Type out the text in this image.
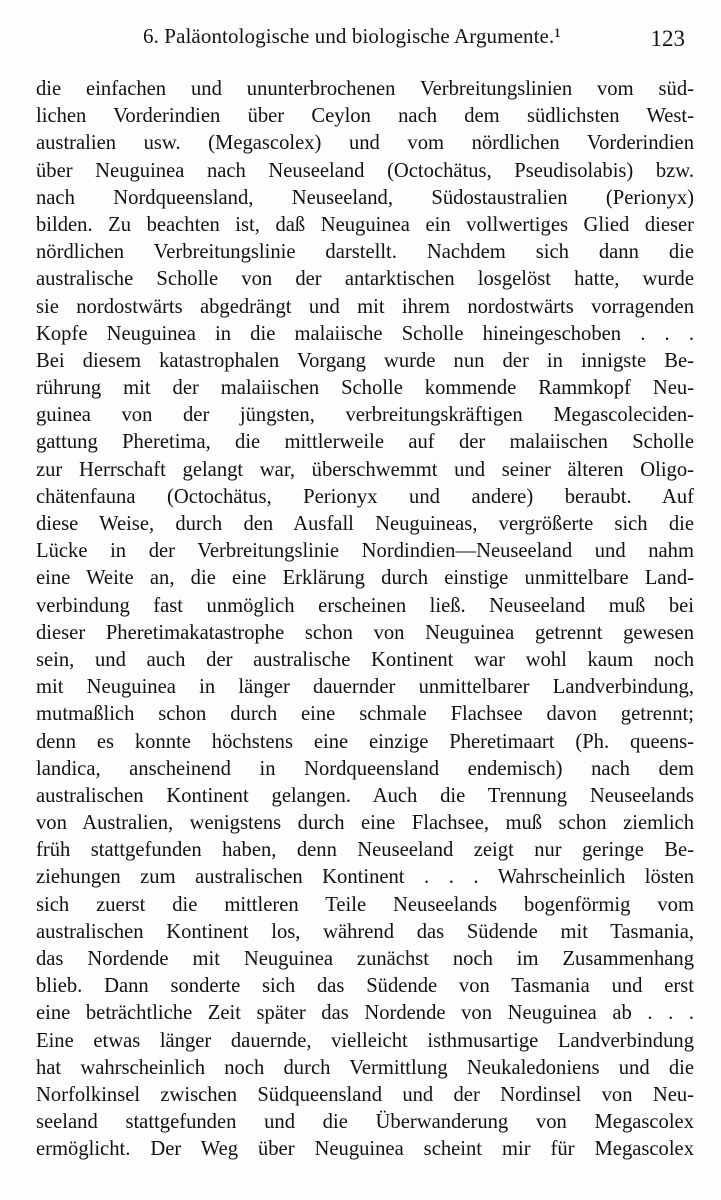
6. Paläontologische und biologische Argumente.¹	123
die einfachen und ununterbrochenen Verbreitungslinien vom süd-
lichen Vorderindien über Ceylon nach dem südlichsten West-
australien usw. (Megascolex) und vom nördlichen Vorderindien
über Neuguinea nach Neuseeland (Octochätus, Pseudisolabis) bzw.
nach Nordqueensland, Neuseeland, Südostaustralien (Perionyx)
bilden. Zu beachten ist, daß Neuguinea ein vollwertiges Glied dieser
nördlichen Verbreitungslinie darstellt. Nachdem sich dann die
australische Scholle von der antarktischen losgelöst hatte, wurde
sie nordostwärts abgedrängt und mit ihrem nordostwärts vorragenden
Kopfe Neuguinea in die malaiische Scholle hineingeschoben . . .
Bei diesem katastrophalen Vorgang wurde nun der in innigste Be-
rührung mit der malaiischen Scholle kommende Rammkopf Neu-
guinea von der jüngsten, verbreitungskräftigen Megascoleciden-
gattung Pheretima, die mittlerweile auf der malaiischen Scholle
zur Herrschaft gelangt war, überschwemmt und seiner älteren Oligo-
chätenfauna (Octochätus, Perionyx und andere) beraubt. Auf
diese Weise, durch den Ausfall Neuguineas, vergrößerte sich die
Lücke in der Verbreitungslinie Nordindien—Neuseeland und nahm
eine Weite an, die eine Erklärung durch einstige unmittelbare Land-
verbindung fast unmöglich erscheinen ließ. Neuseeland muß bei
dieser Pheretimakatastrophe schon von Neuguinea getrennt gewesen
sein, und auch der australische Kontinent war wohl kaum noch
mit Neuguinea in länger dauernder unmittelbarer Landverbindung,
mutmaßlich schon durch eine schmale Flachsee davon getrennt;
denn es konnte höchstens eine einzige Pheretimaart (Ph. queens-
landica, anscheinend in Nordqueensland endemisch) nach dem
australischen Kontinent gelangen. Auch die Trennung Neuseelands
von Australien, wenigstens durch eine Flachsee, muß schon ziemlich
früh stattgefunden haben, denn Neuseeland zeigt nur geringe Be-
ziehungen zum australischen Kontinent . . . Wahrscheinlich lösten
sich zuerst die mittleren Teile Neuseelands bogenförmig vom
australischen Kontinent los, während das Südende mit Tasmania,
das Nordende mit Neuguinea zunächst noch im Zusammenhang
blieb. Dann sonderte sich das Südende von Tasmania und erst
eine beträchtliche Zeit später das Nordende von Neuguinea ab . . .
Eine etwas länger dauernde, vielleicht isthmusartige Landverbindung
hat wahrscheinlich noch durch Vermittlung Neukaledoniens und die
Norfolkinsel zwischen Südqueensland und der Nordinsel von Neu-
seeland stattgefunden und die Überwanderung von Megascolex
ermöglicht. Der Weg über Neuguinea scheint mir für Megascolex
